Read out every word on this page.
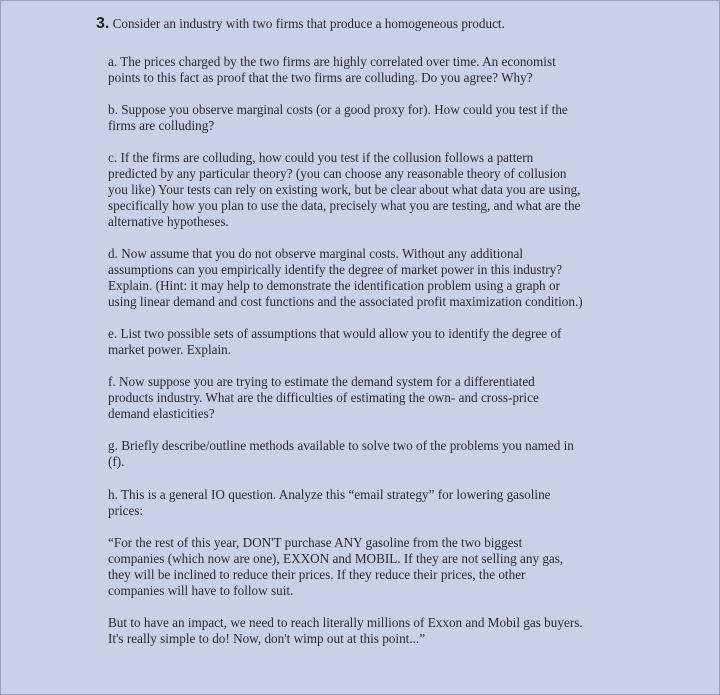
3. Consider an industry with two firms that produce a homogeneous product.
a. The prices charged by the two firms are highly correlated over time. An economist
points to this fact as proof that the two firms are colluding. Do you agree? Why?
b. Suppose you observe marginal costs (or a good proxy for). How could you test if the
firms are colluding?
c. If the firms are colluding, how could you test if the collusion follows a pattern
predicted by any particular theory? (you can choose any reasonable theory of collusion
you like) Your tests can rely on existing work, but be clear about what data you are using,
specifically how you plan to use the data, precisely what you are testing, and what are the
alternative hypotheses.
d. Now assume that you do not observe marginal costs. Without any additional
assumptions can you empirically identify the degree of market power in this industry?
Explain. (Hint: it may help to demonstrate the identification problem using a graph or
using linear demand and cost functions and the associated profit maximization condition.)
e. List two possible sets of assumptions that would allow you to identify the degree of
market power. Explain.
f. Now suppose you are trying to estimate the demand system for a differentiated
products industry. What are the difficulties of estimating the own- and cross-price
demand elasticities?
g. Briefly describe/outline methods available to solve two of the problems you named in
(f).
h. This is a general IO question. Analyze this “email strategy” for lowering gasoline
prices:
“For the rest of this year, DON'T purchase ANY gasoline from the two biggest
companies (which now are one), EXXON and MOBIL. If they are not selling any gas,
they will be inclined to reduce their prices. If they reduce their prices, the other
companies will have to follow suit.
But to have an impact, we need to reach literally millions of Exxon and Mobil gas buyers.
It's really simple to do! Now, don't wimp out at this point...”
